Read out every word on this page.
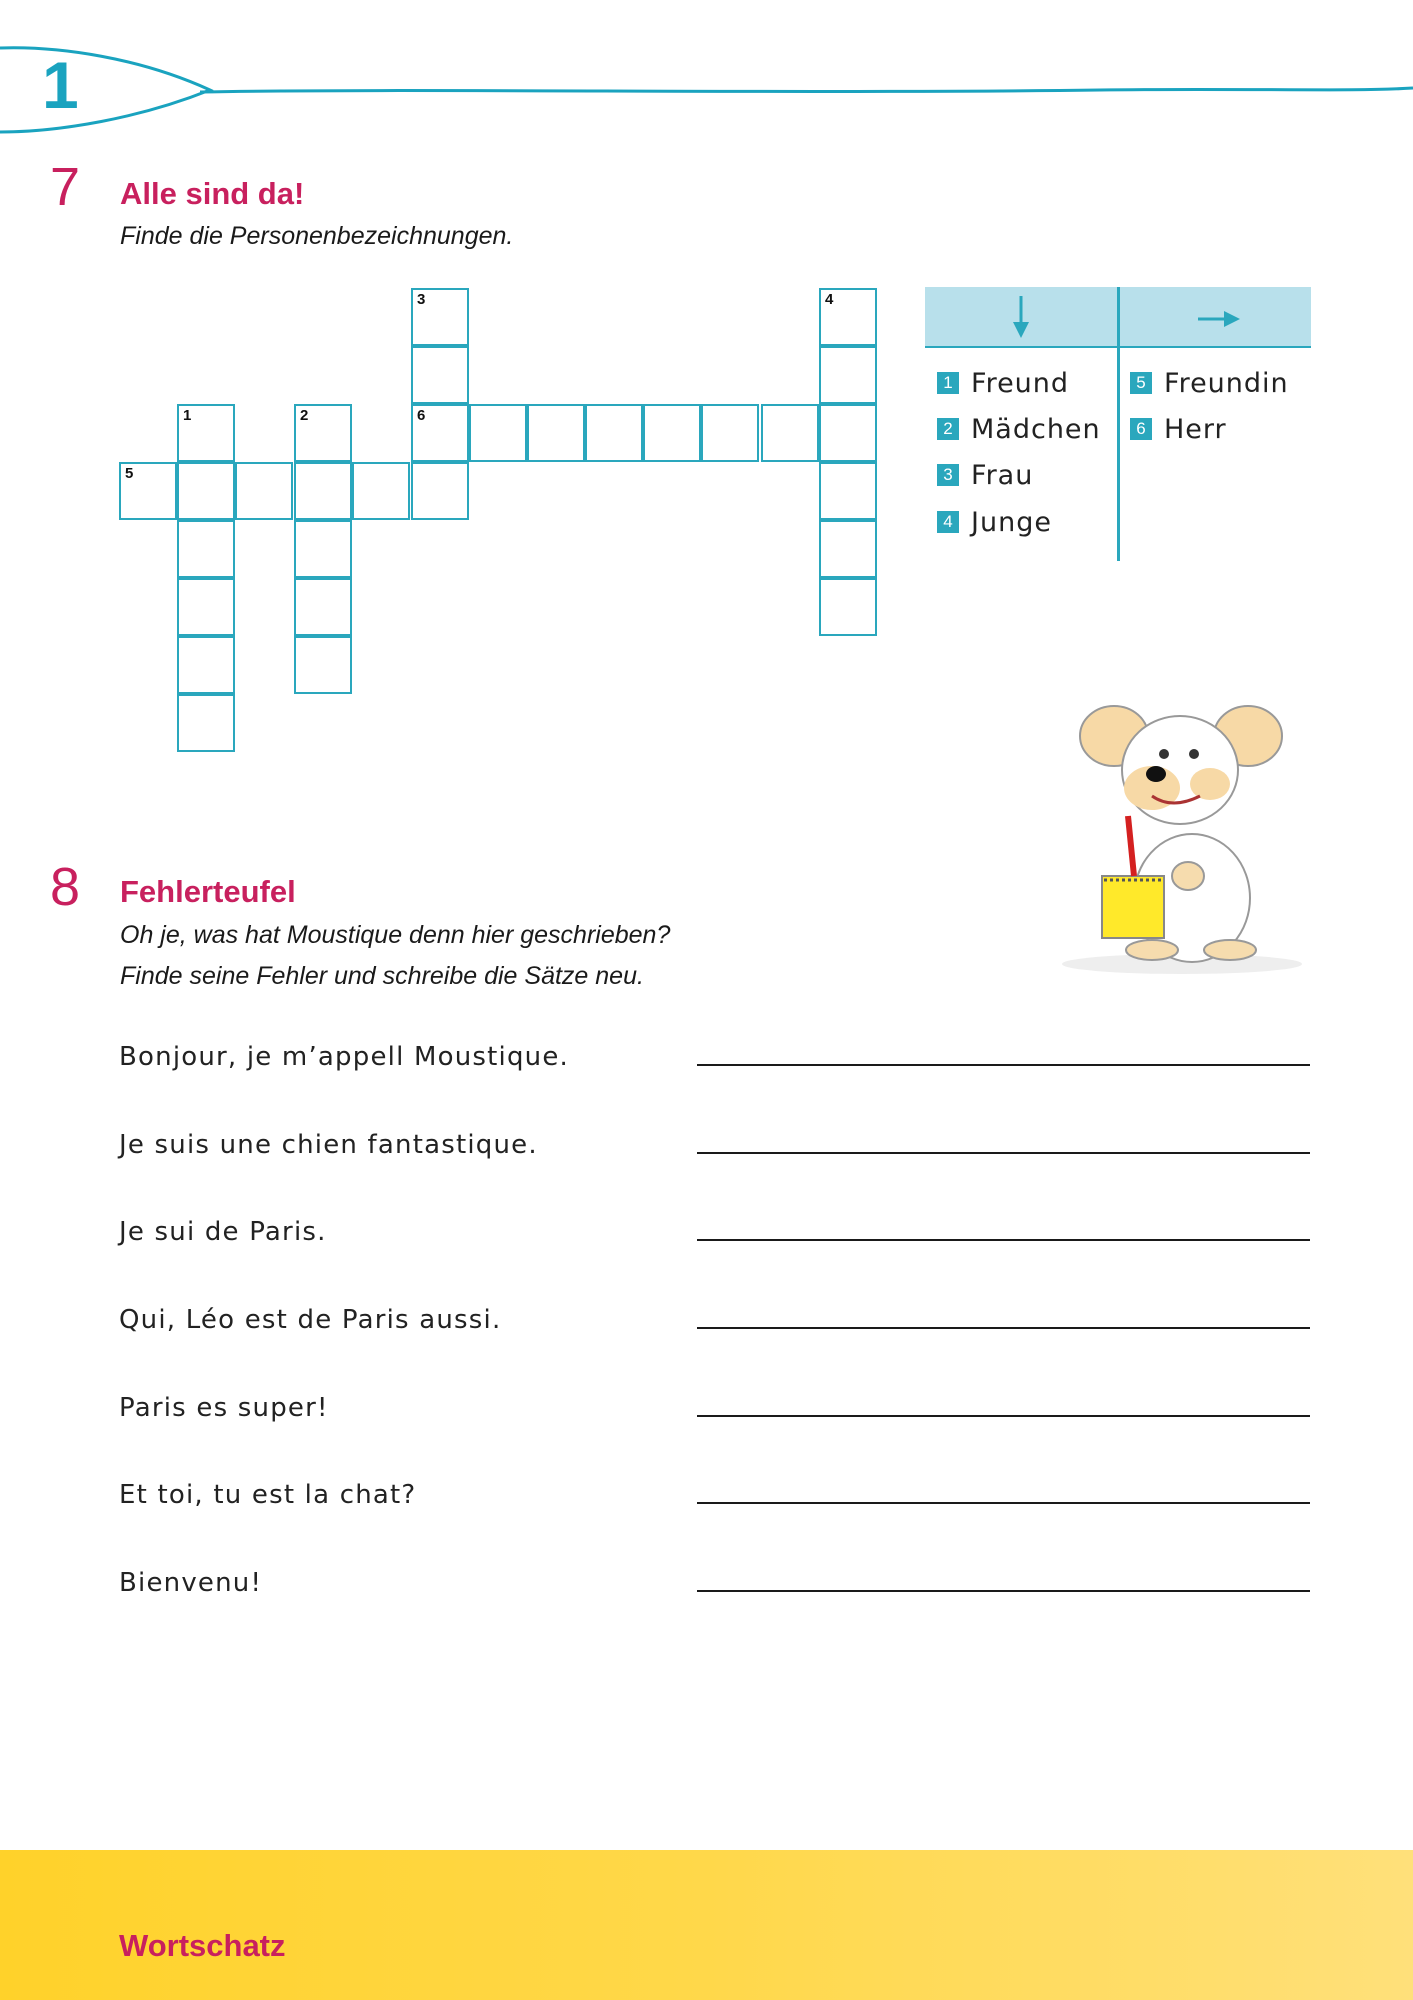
1
7 Alle sind da!
Finde die Personenbezeichnungen.
3	4
1	2	6
5
1 Freund
2 Mädchen
3 Frau
4 Junge
5 Freundin
6 Herr
8 Fehlerteufel
Oh je, was hat Moustique denn hier geschrieben?
Finde seine Fehler und schreibe die Sätze neu.
Bonjour, je m’appell Moustique.
Je suis une chien fantastique.
Je sui de Paris.
Qui, Léo est de Paris aussi.
Paris es super!
Et toi, tu est la chat?
Bienvenu!
Wortschatz
